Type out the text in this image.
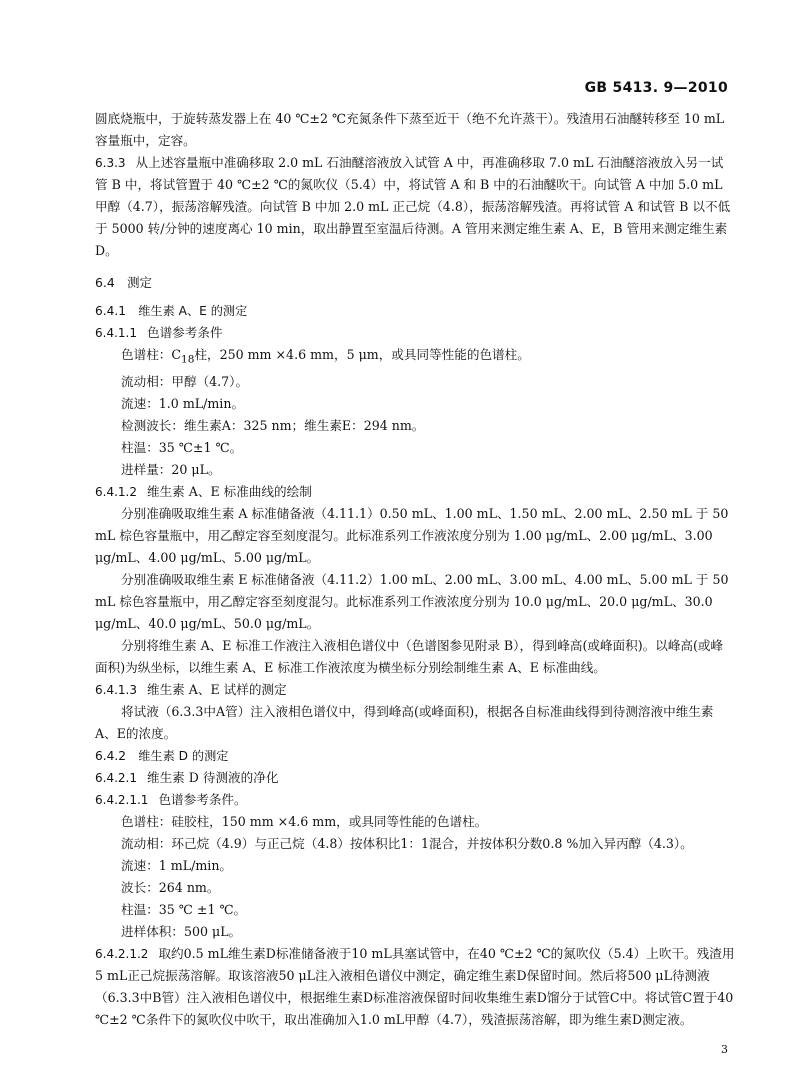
GB 5413. 9—2010

圆底烧瓶中，于旋转蒸发器上在 40 ℃±2 ℃充氮条件下蒸至近干（绝不允许蒸干）。残渣用石油醚转移至 10 mL 容量瓶中，定容。

6.3.3 从上述容量瓶中准确移取 2.0 mL 石油醚溶液放入试管 A 中，再准确移取 7.0 mL 石油醚溶液放入另一试管 B 中，将试管置于 40 ℃±2 ℃的氮吹仪（5.4）中，将试管 A 和 B 中的石油醚吹干。向试管 A 中加 5.0 mL 甲醇（4.7），振荡溶解残渣。向试管 B 中加 2.0 mL 正己烷（4.8），振荡溶解残渣。再将试管 A 和试管 B 以不低于 5000 转/分钟的速度离心 10 min，取出静置至室温后待测。A 管用来测定维生素 A、E，B 管用来测定维生素 D。

6.4　测定

6.4.1　维生素 A、E 的测定

6.4.1.1 色谱参考条件

色谱柱：$C_{18}$柱，250 mm ×4.6 mm，5 μm，或具同等性能的色谱柱。

流动相：甲醇（4.7）。

流速：1.0 mL/min。

检测波长：维生素A：325 nm；维生素E：294 nm。

柱温：35 ℃±1 ℃。

进样量：20 μL。

6.4.1.2 维生素 A、E 标准曲线的绘制

分别准确吸取维生素 A 标准储备液（4.11.1）0.50 mL、1.00 mL、1.50 mL、2.00 mL、2.50 mL 于 50 mL 棕色容量瓶中，用乙醇定容至刻度混匀。此标准系列工作液浓度分别为 1.00 μg/mL、2.00 μg/mL、3.00 μg/mL、4.00 μg/mL、5.00 μg/mL。

分别准确吸取维生素 E 标准储备液（4.11.2）1.00 mL、2.00 mL、3.00 mL、4.00 mL、5.00 mL 于 50 mL 棕色容量瓶中，用乙醇定容至刻度混匀。此标准系列工作液浓度分别为 10.0 μg/mL、20.0 μg/mL、30.0 μg/mL、40.0 μg/mL、50.0 μg/mL。

分别将维生素 A、E 标准工作液注入液相色谱仪中（色谱图参见附录 B），得到峰高(或峰面积)。以峰高(或峰面积)为纵坐标，以维生素 A、E 标准工作液浓度为横坐标分别绘制维生素 A、E 标准曲线。

6.4.1.3 维生素 A、E 试样的测定

将试液（6.3.3中A管）注入液相色谱仪中，得到峰高(或峰面积)，根据各自标准曲线得到待测溶液中维生素A、E的浓度。

6.4.2　维生素 D 的测定

6.4.2.1 维生素 D 待测液的净化

6.4.2.1.1 色谱参考条件。

色谱柱：硅胶柱，150 mm ×4.6 mm，或具同等性能的色谱柱。

流动相：环己烷（4.9）与正己烷（4.8）按体积比1：1混合，并按体积分数0.8 %加入异丙醇（4.3）。

流速：1 mL/min。

波长：264 nm。

柱温：35 ℃ ±1 ℃。

进样体积：500 μL。

6.4.2.1.2 取约0.5 mL维生素D标准储备液于10 mL具塞试管中，在40 ℃±2 ℃的氮吹仪（5.4）上吹干。残渣用5 mL正己烷振荡溶解。取该溶液50 μL注入液相色谱仪中测定，确定维生素D保留时间。然后将500 μL待测液（6.3.3中B管）注入液相色谱仪中，根据维生素D标准溶液保留时间收集维生素D馏分于试管C中。将试管C置于40 ℃±2 ℃条件下的氮吹仪中吹干，取出准确加入1.0 mL甲醇（4.7），残渣振荡溶解，即为维生素D测定液。

3
